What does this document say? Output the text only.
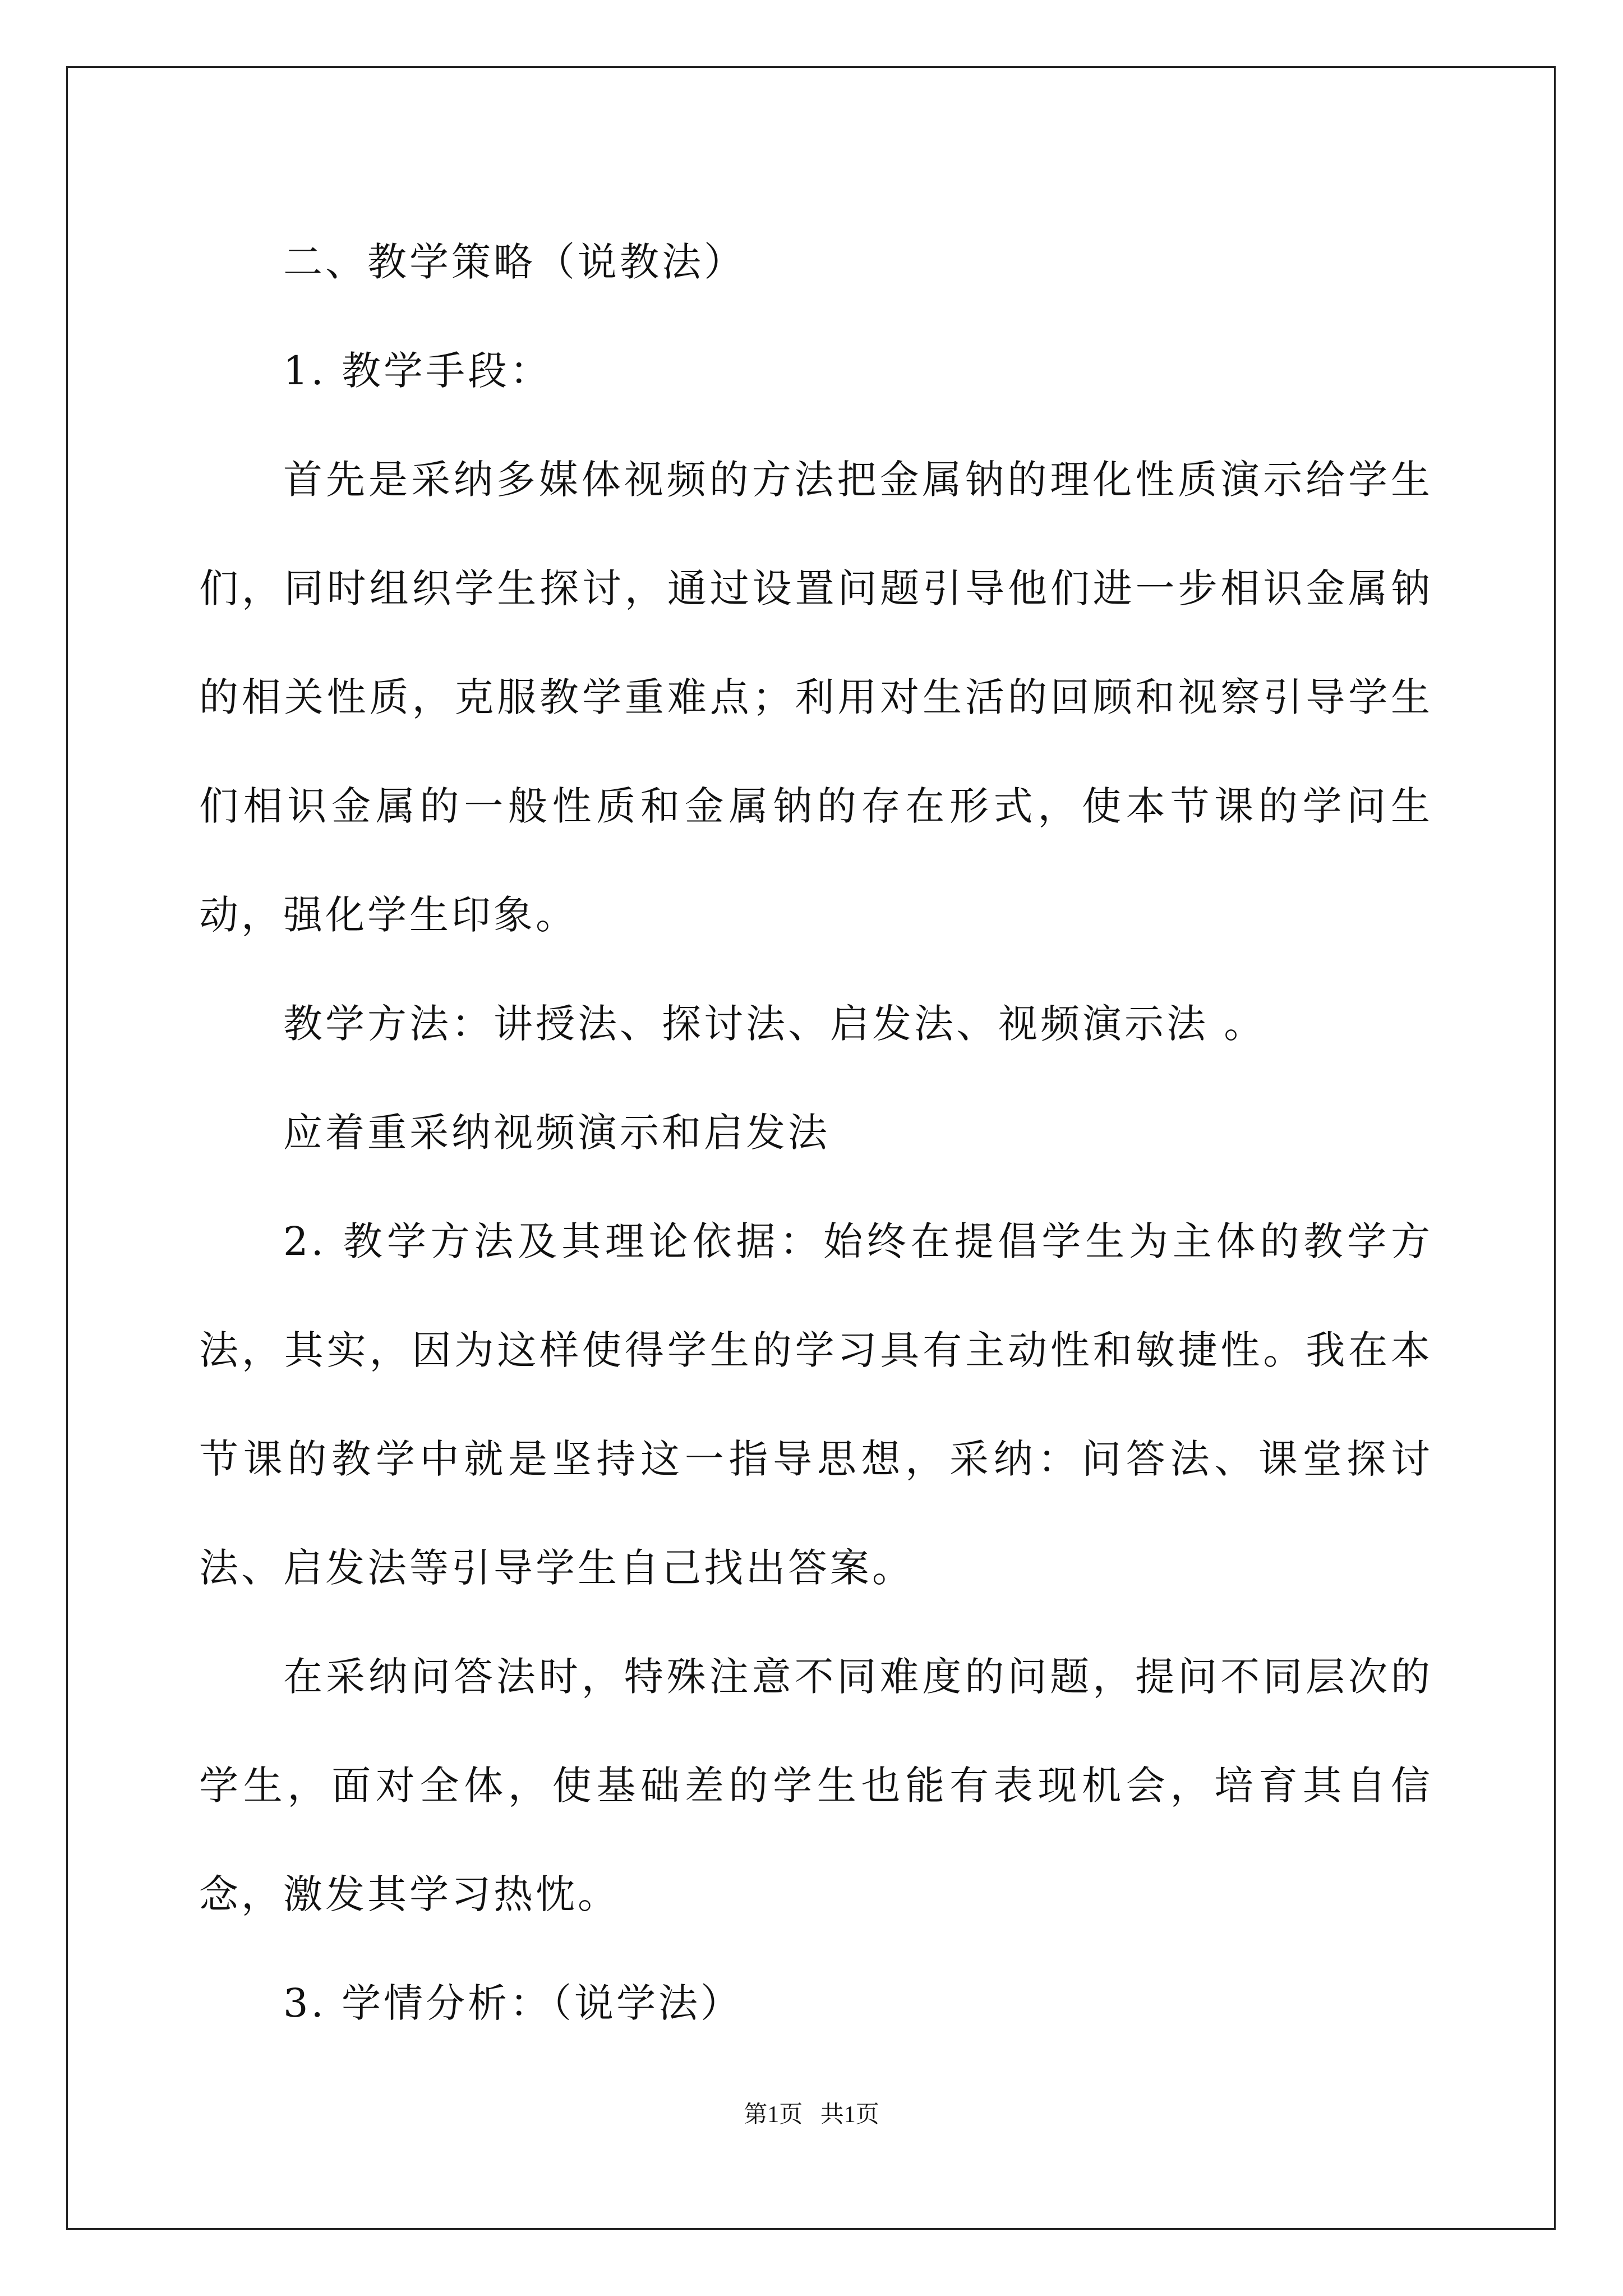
二、教学策略（说教法）

1. 教学手段：

首先是采纳多媒体视频的方法把金属钠的理化性质演示给学生们，同时组织学生探讨，通过设置问题引导他们进一步相识金属钠的相关性质，克服教学重难点；利用对生活的回顾和视察引导学生们相识金属的一般性质和金属钠的存在形式，使本节课的学问生动，强化学生印象。

教学方法：讲授法、探讨法、启发法、视频演示法 。

应着重采纳视频演示和启发法

2. 教学方法及其理论依据：始终在提倡学生为主体的教学方法，其实，因为这样使得学生的学习具有主动性和敏捷性。我在本节课的教学中就是坚持这一指导思想，采纳：问答法、课堂探讨法、启发法等引导学生自己找出答案。

在采纳问答法时，特殊注意不同难度的问题，提问不同层次的学生，面对全体，使基础差的学生也能有表现机会，培育其自信念，激发其学习热忱。

3. 学情分析：（说学法）

第1页 共1页
